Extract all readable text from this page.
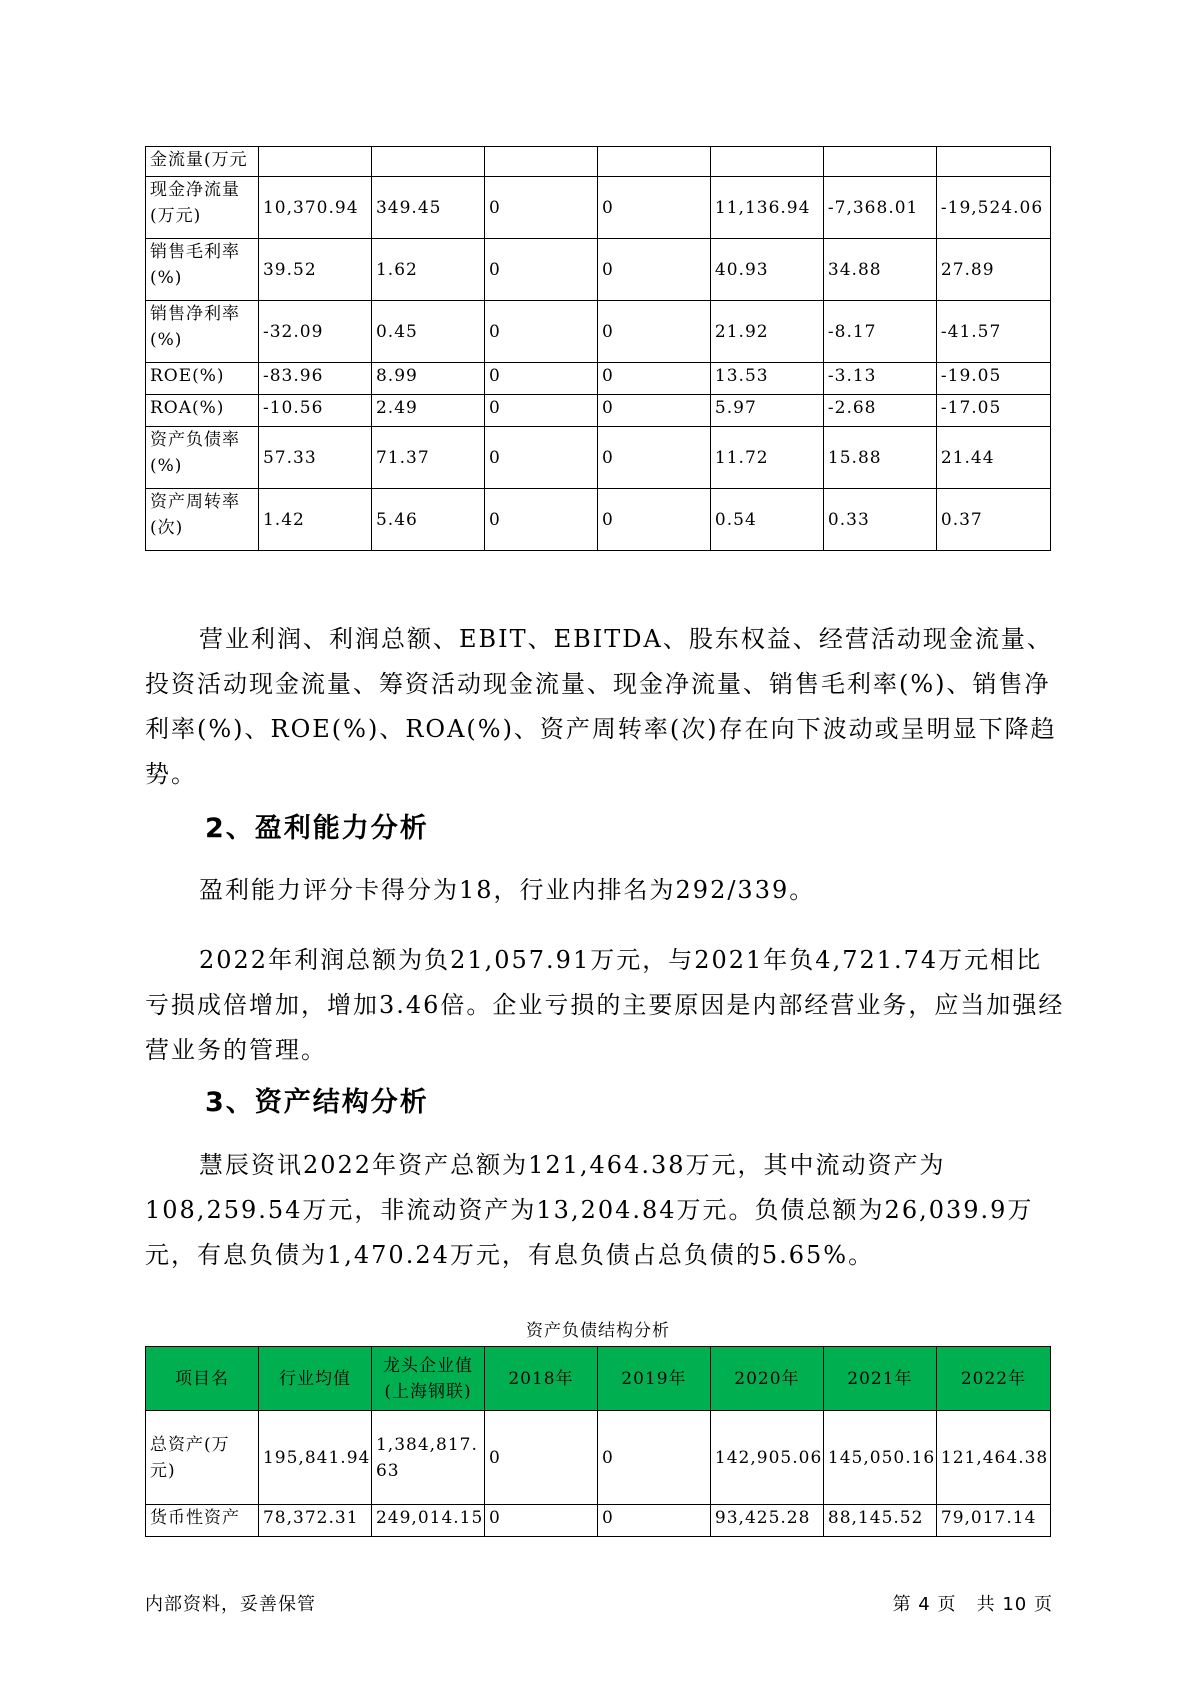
金流量(万元							
现金净流量(万元)	10,370.94	349.45	0	0	11,136.94	-7,368.01	-19,524.06
销售毛利率(%)	39.52	1.62	0	0	40.93	34.88	27.89
销售净利率(%)	-32.09	0.45	0	0	21.92	-8.17	-41.57
ROE(%)	-83.96	8.99	0	0	13.53	-3.13	-19.05
ROA(%)	-10.56	2.49	0	0	5.97	-2.68	-17.05
资产负债率(%)	57.33	71.37	0	0	11.72	15.88	21.44
资产周转率(次)	1.42	5.46	0	0	0.54	0.33	0.37

营业利润、利润总额、EBIT、EBITDA、股东权益、经营活动现金流量、投资活动现金流量、筹资活动现金流量、现金净流量、销售毛利率(%)、销售净利率(%)、ROE(%)、ROA(%)、资产周转率(次)存在向下波动或呈明显下降趋势。

2、盈利能力分析

盈利能力评分卡得分为18，行业内排名为292/339。

2022年利润总额为负21,057.91万元，与2021年负4,721.74万元相比亏损成倍增加，增加3.46倍。企业亏损的主要原因是内部经营业务，应当加强经营业务的管理。

3、资产结构分析

慧辰资讯2022年资产总额为121,464.38万元，其中流动资产为108,259.54万元，非流动资产为13,204.84万元。负债总额为26,039.9万元，有息负债为1,470.24万元，有息负债占总负债的5.65%。

资产负债结构分析
项目名	行业均值	龙头企业值(上海钢联)	2018年	2019年	2020年	2021年	2022年
总资产(万元)	195,841.94	1,384,817.63	0	0	142,905.06	145,050.16	121,464.38
货币性资产	78,372.31	249,014.15	0	0	93,425.28	88,145.52	79,017.14
内部资料，妥善保管	第 4 页   共 10 页
